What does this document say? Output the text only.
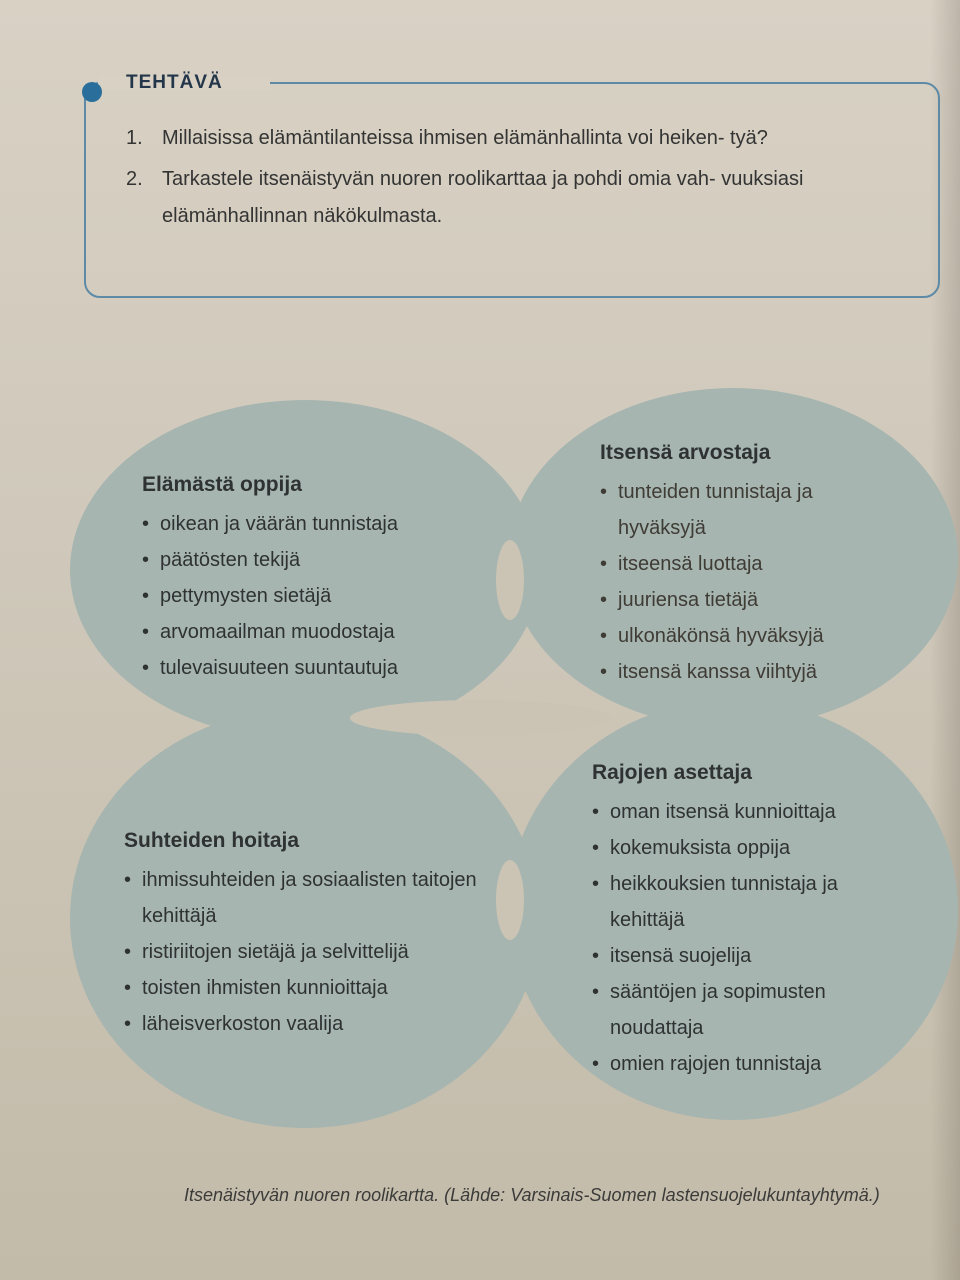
TEHTÄVÄ
1. Millaisissa elämäntilanteissa ihmisen elämänhallinta voi heiken- tyä?
2. Tarkastele itsenäistyvän nuoren roolikarttaa ja pohdi omia vah- vuuksiasi elämänhallinnan näkökulmasta.
Elämästä oppija
• oikean ja väärän tunnistaja
• päätösten tekijä
• pettymysten sietäjä
• arvomaailman muodostaja
• tulevaisuuteen suuntautuja
Itsensä arvostaja
• tunteiden tunnistaja ja hyväksyjä
• itseensä luottaja
• juuriensa tietäjä
• ulkonäkönsä hyväksyjä
• itsensä kanssa viihtyjä
Suhteiden hoitaja
• ihmissuhteiden ja sosiaalisten taitojen kehittäjä
• ristiriitojen sietäjä ja selvittelijä
• toisten ihmisten kunnioittaja
• läheisverkoston vaalija
Rajojen asettaja
• oman itsensä kunnioittaja
• kokemuksista oppija
• heikkouksien tunnistaja ja kehittäjä
• itsensä suojelija
• sääntöjen ja sopimusten noudattaja
• omien rajojen tunnistaja
Itsenäistyvän nuoren roolikartta. (Lähde: Varsinais-Suomen lastensuojelukuntayhtymä.)
